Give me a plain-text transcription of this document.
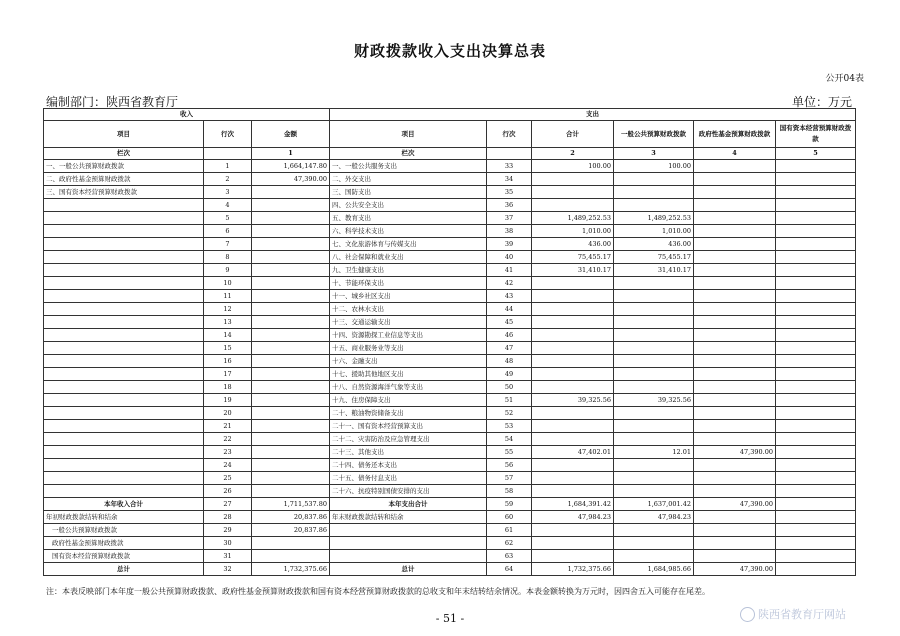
财政拨款收入支出决算总表
公开04表
编制部门：陕西省教育厅	单位：万元
收入			支出					
项目	行次	金额	项目	行次	合计	一般公共预算财政拨款	政府性基金预算财政拨款	国有资本经营预算财政拨款
栏次		1	栏次		2	3	4	5
一、一般公共预算财政拨款	1	1,664,147.80	一、一般公共服务支出	33	100.00	100.00		
二、政府性基金预算财政拨款	2	47,390.00	二、外交支出	34				
三、国有资本经营预算财政拨款	3		三、国防支出	35				
	4		四、公共安全支出	36				
	5		五、教育支出	37	1,489,252.53	1,489,252.53		
	6		六、科学技术支出	38	1,010.00	1,010.00		
	7		七、文化旅游体育与传媒支出	39	436.00	436.00		
	8		八、社会保障和就业支出	40	75,455.17	75,455.17		
	9		九、卫生健康支出	41	31,410.17	31,410.17		
	10		十、节能环保支出	42				
	11		十一、城乡社区支出	43				
	12		十二、农林水支出	44				
	13		十三、交通运输支出	45				
	14		十四、资源勘探工业信息等支出	46				
	15		十五、商业服务业等支出	47				
	16		十六、金融支出	48				
	17		十七、援助其他地区支出	49				
	18		十八、自然资源海洋气象等支出	50				
	19		十九、住房保障支出	51	39,325.56	39,325.56		
	20		二十、粮油物资储备支出	52				
	21		二十一、国有资本经营预算支出	53				
	22		二十二、灾害防治及应急管理支出	54				
	23		二十三、其他支出	55	47,402.01	12.01	47,390.00	
	24		二十四、债务还本支出	56				
	25		二十五、债务付息支出	57				
	26		二十六、抗疫特别国债安排的支出	58				
本年收入合计	27	1,711,537.80	本年支出合计	59	1,684,391.42	1,637,001.42	47,390.00	
年初财政拨款结转和结余	28	20,837.86	年末财政拨款结转和结余	60	47,984.23	47,984.23		
一般公共预算财政拨款	29	20,837.86		61				
政府性基金预算财政拨款	30			62				
国有资本经营预算财政拨款	31			63				
总计	32	1,732,375.66	总计	64	1,732,375.66	1,684,985.66	47,390.00	
注：本表反映部门本年度一般公共预算财政拨款、政府性基金预算财政拨款和国有资本经营预算财政拨款的总收支和年末结转结余情况。本表金额转换为万元时，因四舍五入可能存在尾差。
- 51 -	陕西省教育厅网站
